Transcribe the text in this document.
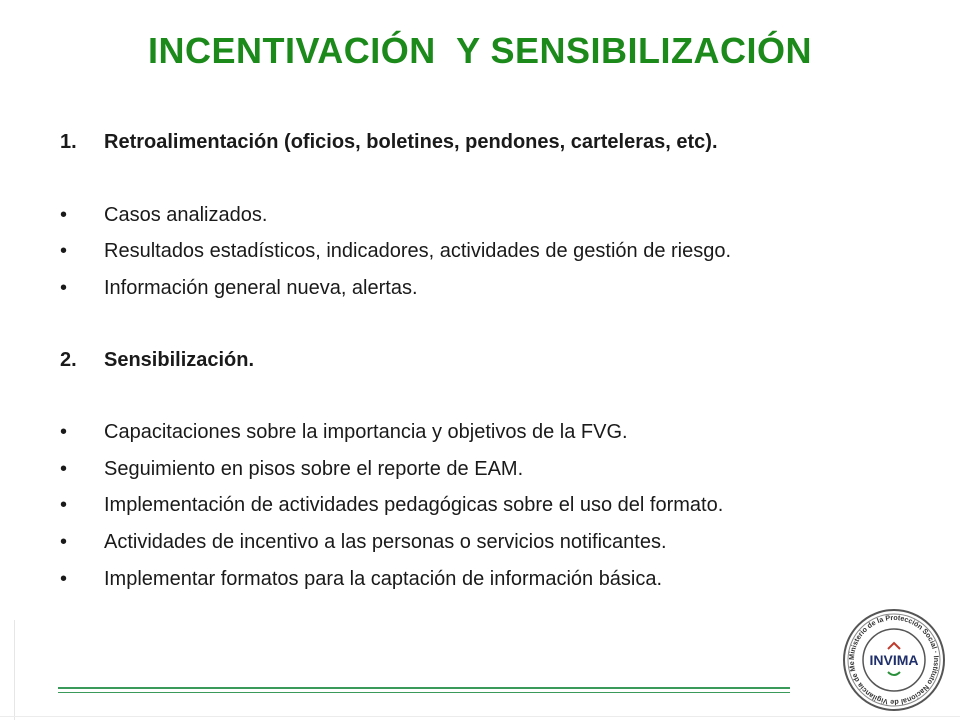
INCENTIVACIÓN  Y SENSIBILIZACIÓN
1.	Retroalimentación (oficios, boletines, pendones, carteleras, etc).
•	Casos analizados.
•	Resultados estadísticos, indicadores, actividades de gestión de riesgo.
•	Información general nueva, alertas.
2.	Sensibilización.
•	Capacitaciones sobre la importancia y objetivos de la FVG.
•	Seguimiento en pisos sobre el reporte de EAM.
•	Implementación de actividades pedagógicas sobre el uso del formato.
•	Actividades de incentivo a las personas o servicios notificantes.
•	Implementar formatos para la captación de información básica.
Ministerio de la Protección Social · Instituto Nacional de Vigilancia de Me INVIMA
